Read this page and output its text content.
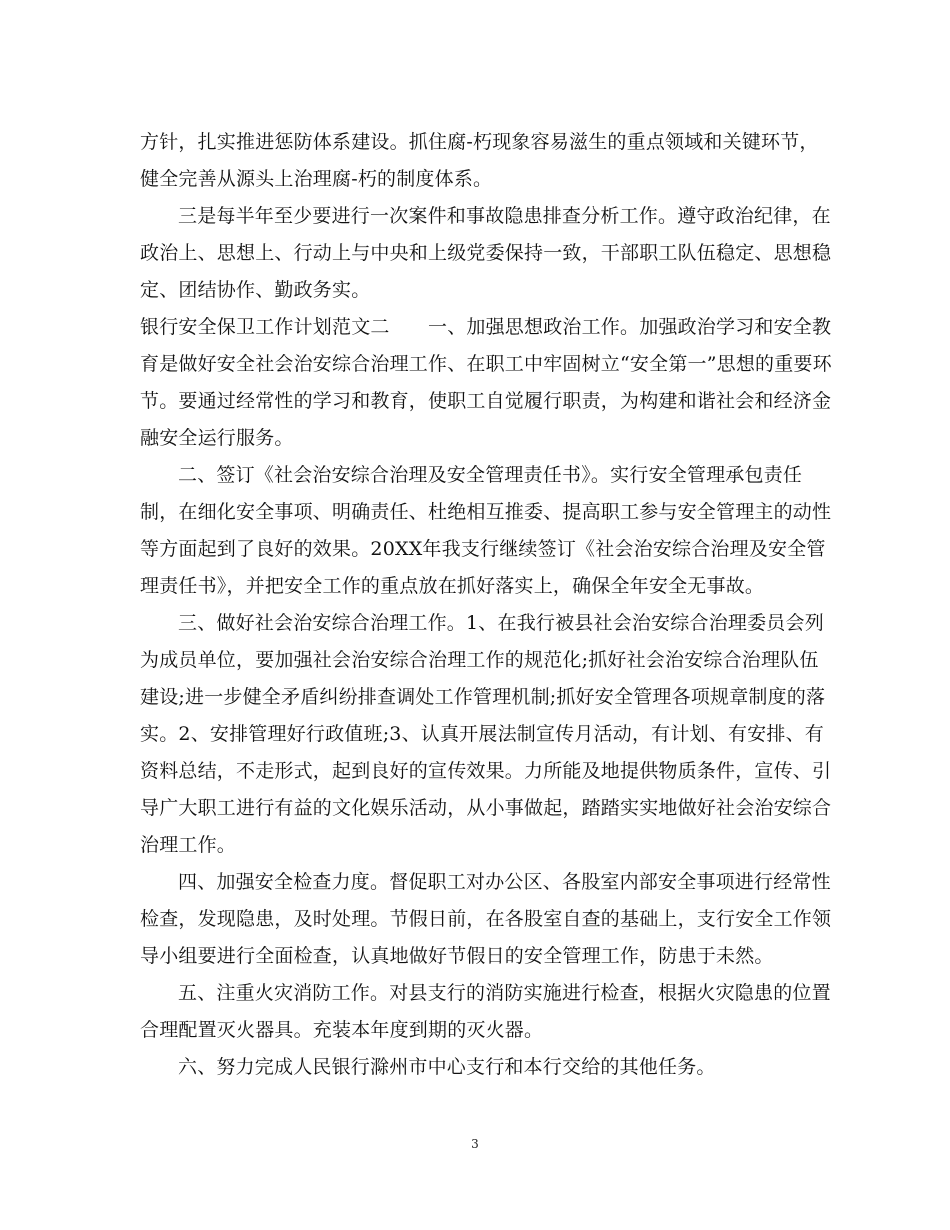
方针，扎实推进惩防体系建设。抓住腐-朽现象容易滋生的重点领域和关键环节，
健全完善从源头上治理腐-朽的制度体系。
三是每半年至少要进行一次案件和事故隐患排查分析工作。遵守政治纪律，在
政治上、思想上、行动上与中央和上级党委保持一致，干部职工队伍稳定、思想稳
定、团结协作、勤政务实。
银行安全保卫工作计划范文二　　一、加强思想政治工作。加强政治学习和安全教
育是做好安全社会治安综合治理工作、在职工中牢固树立“安全第一”思想的重要环
节。要通过经常性的学习和教育，使职工自觉履行职责，为构建和谐社会和经济金
融安全运行服务。
二、签订《社会治安综合治理及安全管理责任书》。实行安全管理承包责任
制，在细化安全事项、明确责任、杜绝相互推委、提高职工参与安全管理主的动性
等方面起到了良好的效果。20XX年我支行继续签订《社会治安综合治理及安全管
理责任书》，并把安全工作的重点放在抓好落实上，确保全年安全无事故。
三、做好社会治安综合治理工作。1、在我行被县社会治安综合治理委员会列
为成员单位，要加强社会治安综合治理工作的规范化;抓好社会治安综合治理队伍
建设;进一步健全矛盾纠纷排查调处工作管理机制;抓好安全管理各项规章制度的落
实。2、安排管理好行政值班;3、认真开展法制宣传月活动，有计划、有安排、有
资料总结，不走形式，起到良好的宣传效果。力所能及地提供物质条件，宣传、引
导广大职工进行有益的文化娱乐活动，从小事做起，踏踏实实地做好社会治安综合
治理工作。
四、加强安全检查力度。督促职工对办公区、各股室内部安全事项进行经常性
检查，发现隐患，及时处理。节假日前，在各股室自查的基础上，支行安全工作领
导小组要进行全面检查，认真地做好节假日的安全管理工作，防患于未然。
五、注重火灾消防工作。对县支行的消防实施进行检查，根据火灾隐患的位置
合理配置灭火器具。充装本年度到期的灭火器。
六、努力完成人民银行滁州市中心支行和本行交给的其他任务。
3
